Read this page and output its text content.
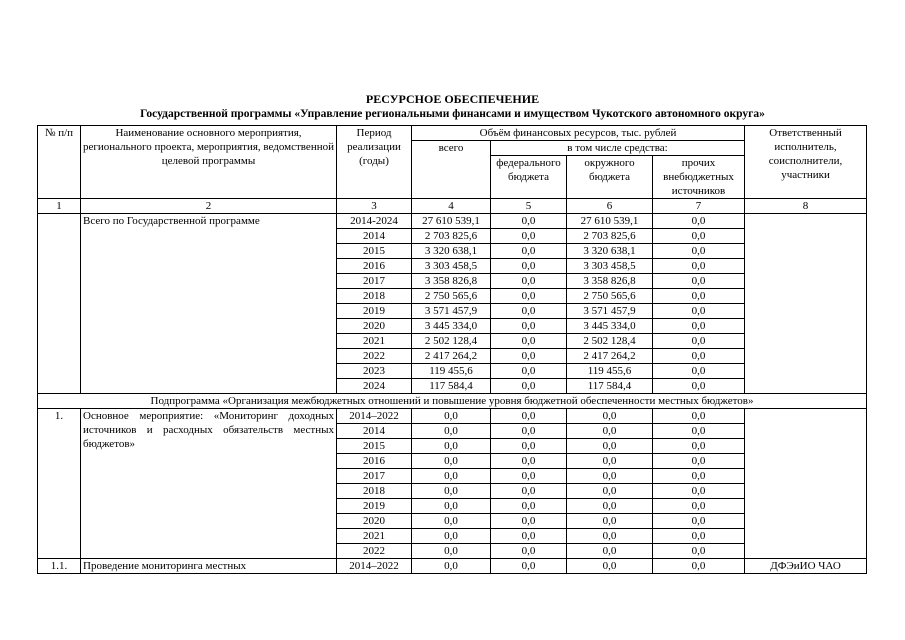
РЕСУРСНОЕ ОБЕСПЕЧЕНИЕ
Государственной программы «Управление региональными финансами и имуществом Чукотского автономного округа»
№ п/п	Наименование основного мероприятия, регионального проекта, мероприятия, ведомственной целевой программы	Период реализации (годы)	Объём финансовых ресурсов, тыс. рублей				Ответственный исполнитель, соисполнители, участники
			всего	в том числе средства:			
				федерального бюджета	окружного бюджета	прочих внебюджетных источников	
1	2	3	4	5	6	7	8
	Всего по Государственной программе	2014-2024	27 610 539,1	0,0	27 610 539,1	0,0	
		2014	2 703 825,6	0,0	2 703 825,6	0,0	
		2015	3 320 638,1	0,0	3 320 638,1	0,0	
		2016	3 303 458,5	0,0	3 303 458,5	0,0	
		2017	3 358 826,8	0,0	3 358 826,8	0,0	
		2018	2 750 565,6	0,0	2 750 565,6	0,0	
		2019	3 571 457,9	0,0	3 571 457,9	0,0	
		2020	3 445 334,0	0,0	3 445 334,0	0,0	
		2021	2 502 128,4	0,0	2 502 128,4	0,0	
		2022	2 417 264,2	0,0	2 417 264,2	0,0	
		2023	119 455,6	0,0	119 455,6	0,0	
		2024	117 584,4	0,0	117 584,4	0,0	
Подпрограмма «Организация межбюджетных отношений и повышение уровня бюджетной обеспеченности местных бюджетов»							
1.	Основное мероприятие: «Мониторинг доходных источников и расходных обязательств местных бюджетов»	2014–2022	0,0	0,0	0,0	0,0	
		2014	0,0	0,0	0,0	0,0	
		2015	0,0	0,0	0,0	0,0	
		2016	0,0	0,0	0,0	0,0	
		2017	0,0	0,0	0,0	0,0	
		2018	0,0	0,0	0,0	0,0	
		2019	0,0	0,0	0,0	0,0	
		2020	0,0	0,0	0,0	0,0	
		2021	0,0	0,0	0,0	0,0	
		2022	0,0	0,0	0,0	0,0	
1.1.	Проведение мониторинга местных	2014–2022	0,0	0,0	0,0	0,0	ДФЭиИО ЧАО
